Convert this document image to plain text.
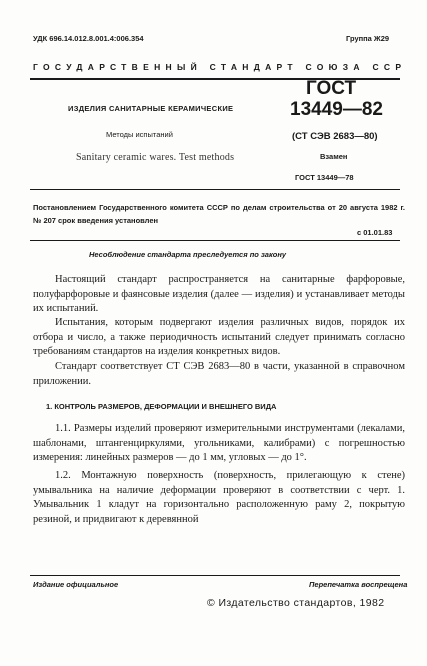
УДК 696.14.012.8.001.4:006.354	Группа Ж29
ГОСУДАРСТВЕННЫЙ СТАНДАРТ СОЮЗА ССР
ИЗДЕЛИЯ САНИТАРНЫЕ КЕРАМИЧЕСКИЕ
Методы испытаний
Sanitary ceramic wares. Test methods
ГОСТ
13449—82
(СТ СЭВ 2683—80)
Взамен
ГОСТ 13449—78
Постановлением Государственного комитета СССР по делам строительства от 20 августа 1982 г. № 207 срок введения установлен
с 01.01.83
Несоблюдение стандарта преследуется по закону

Настоящий стандарт распространяется на санитарные фарфоровые, полуфарфоровые и фаянсовые изделия (далее — изделия) и устанавливает методы их испытаний.

Испытания, которым подвергают изделия различных видов, порядок их отбора и число, а также периодичность испытаний следует принимать согласно требованиям стандартов на изделия конкретных видов.

Стандарт соответствует СТ СЭВ 2683—80 в части, указанной в справочном приложении.

1. КОНТРОЛЬ РАЗМЕРОВ, ДЕФОРМАЦИИ И ВНЕШНЕГО ВИДА

1.1. Размеры изделий проверяют измерительными инструментами (лекалами, шаблонами, штангенциркулями, угольниками, калибрами) с погрешностью измерения: линейных размеров — до 1 мм, угловых — до 1°.

1.2. Монтажную поверхность (поверхность, прилегающую к стене) умывальника на наличие деформации проверяют в соответствии с черт. 1. Умывальник 1 кладут на горизонтально расположенную раму 2, покрытую резиной, и придвигают к деревянной

Издание официальное	Перепечатка воспрещена
© Издательство стандартов, 1982
